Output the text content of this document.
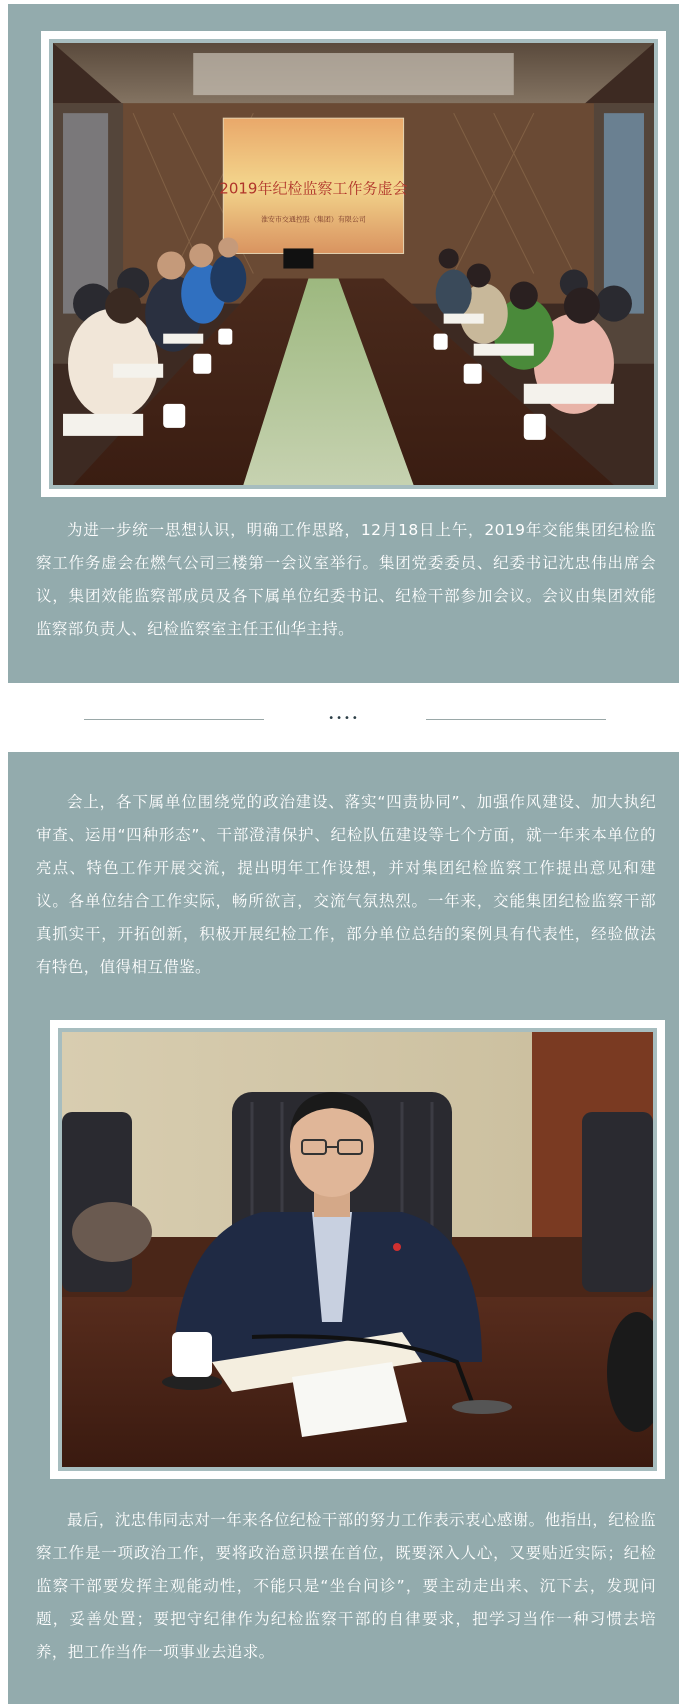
2019年纪检监察工作务虚会
淮安市交通控股（集团）有限公司

为进一步统一思想认识，明确工作思路，12月18日上午，2019年交能集团纪检监察工作务虚会在燃气公司三楼第一会议室举行。集团党委委员、纪委书记沈忠伟出席会议，集团效能监察部成员及各下属单位纪委书记、纪检干部参加会议。会议由集团效能监察部负责人、纪检监察室主任王仙华主持。

••••

会上，各下属单位围绕党的政治建设、落实“四责协同”、加强作风建设、加大执纪审查、运用“四种形态”、干部澄清保护、纪检队伍建设等七个方面，就一年来本单位的亮点、特色工作开展交流，提出明年工作设想，并对集团纪检监察工作提出意见和建议。各单位结合工作实际，畅所欲言，交流气氛热烈。一年来，交能集团纪检监察干部真抓实干，开拓创新，积极开展纪检工作，部分单位总结的案例具有代表性，经验做法有特色，值得相互借鉴。

最后，沈忠伟同志对一年来各位纪检干部的努力工作表示衷心感谢。他指出，纪检监察工作是一项政治工作，要将政治意识摆在首位，既要深入人心，又要贴近实际；纪检监察干部要发挥主观能动性，不能只是“坐台问诊”，要主动走出来、沉下去，发现问题，妥善处置；要把守纪律作为纪检监察干部的自律要求，把学习当作一种习惯去培养，把工作当作一项事业去追求。
